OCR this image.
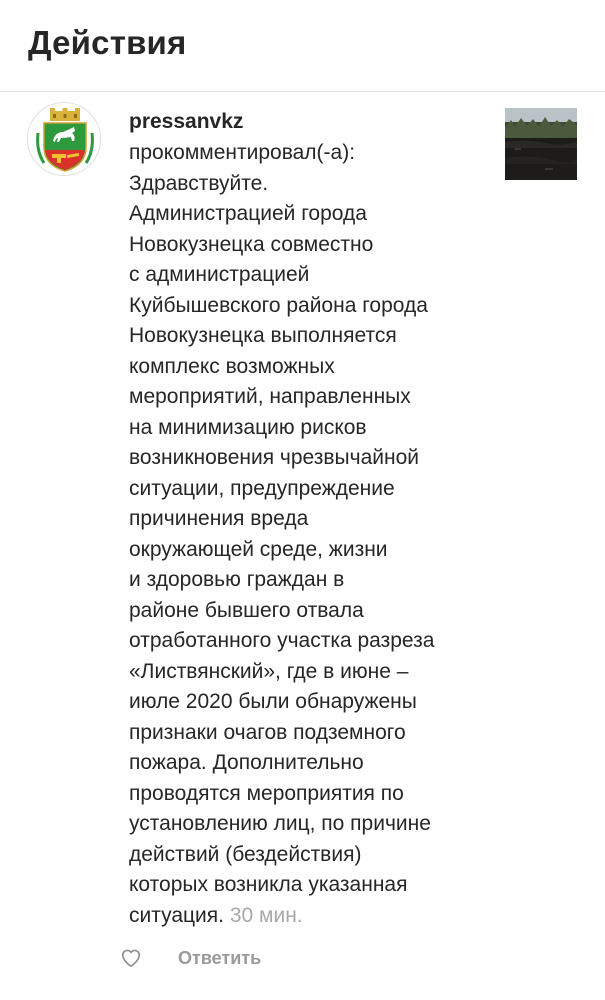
Действия
pressanvkz
прокомментировал(-а):
Здравствуйте.
Администрацией города
Новокузнецка совместно
с администрацией
Куйбышевского района города
Новокузнецка выполняется
комплекс возможных
мероприятий, направленных
на минимизацию рисков
возникновения чрезвычайной
ситуации, предупреждение
причинения вреда
окружающей среде, жизни
и здоровью граждан в
районе бывшего отвала
отработанного участка разреза
«Листвянский», где в июне –
июле 2020 были обнаружены
признаки очагов подземного
пожара. Дополнительно
проводятся мероприятия по
установлению лиц, по причине
действий (бездействия)
которых возникла указанная
ситуация. 30 мин.
Ответить
